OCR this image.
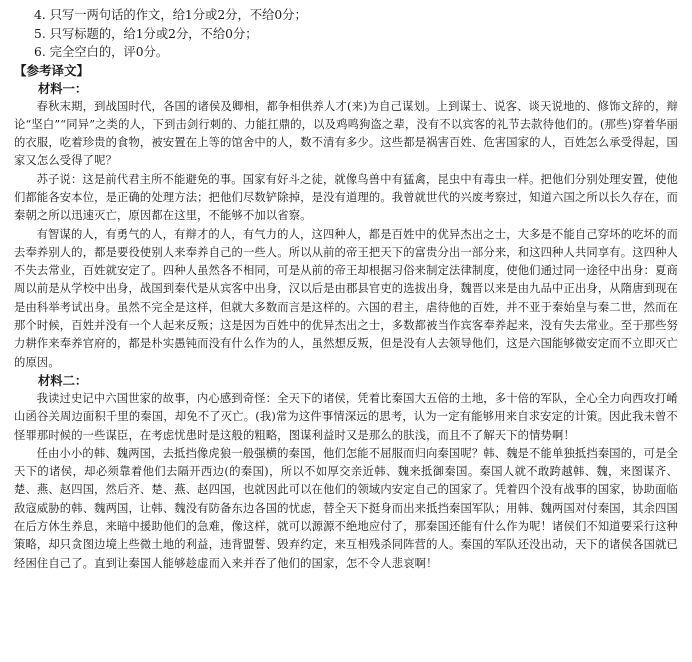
4. 只写一两句话的作文，给1分或2分，不给0分；

5. 只写标题的，给1分或2分，不给0分；

6. 完全空白的，评0分。

【参考译文】

材料一：

春秋末期，到战国时代，各国的诸侯及卿相，都争相供养人才(来)为自己谋划。上到谋士、说客、谈天说地的、修饰文辞的，辩论“坚白”“同异”之类的人，下到击剑行刺的、力能扛鼎的，以及鸡鸣狗盗之辈，没有不以宾客的礼节去款待他们的。(那些)穿着华丽的衣服，吃着珍贵的食物，被安置在上等的馆舍中的人，数不清有多少。这些都是祸害百姓、危害国家的人，百姓怎么承受得起，国家又怎么受得了呢？

苏子说：这是前代君主所不能避免的事。国家有好斗之徒，就像鸟兽中有猛禽，昆虫中有毒虫一样。把他们分别处理安置，使他们都能各安本位，是正确的处理方法；把他们尽数铲除掉，是没有道理的。我曾就世代的兴废考察过，知道六国之所以长久存在，而秦朝之所以迅速灭亡，原因都在这里，不能够不加以省察。

有智谋的人，有勇气的人，有辩才的人，有气力的人，这四种人，都是百姓中的优异杰出之士，大多是不能自己穿坏的吃坏的而去奉养别人的，都是要役使别人来奉养自己的一些人。所以从前的帝王把天下的富贵分出一部分来，和这四种人共同享有。这四种人不失去常业，百姓就安定了。四种人虽然各不相同，可是从前的帝王却根据习俗来制定法律制度，使他们通过同一途径中出身：夏商周以前是从学校中出身，战国到秦代是从宾客中出身，汉以后是由郡县官吏的选拔出身，魏晋以来是由九品中正出身，从隋唐到现在是由科举考试出身。虽然不完全是这样，但就大多数而言是这样的。六国的君主，虐待他的百姓，并不亚于秦始皇与秦二世，然而在那个时候，百姓并没有一个人起来反叛；这是因为百姓中的优异杰出之士，多数都被当作宾客奉养起来，没有失去常业。至于那些努力耕作来奉养官府的，都是朴实愚钝而没有什么作为的人，虽然想反叛，但是没有人去领导他们，这是六国能够微安定而不立即灭亡的原因。

材料二：

我读过史记中六国世家的故事，内心感到奇怪：全天下的诸侯，凭着比秦国大五倍的土地，多十倍的军队，全心全力向西攻打崤山函谷关周边面积千里的秦国，却免不了灭亡。(我)常为这件事情深远的思考，认为一定有能够用来自求安定的计策。因此我未曾不怪罪那时候的一些谋臣，在考虑忧患时是这般的粗略，图谋利益时又是那么的肤浅，而且不了解天下的情势啊！

任由小小的韩、魏两国，去抵挡像虎狼一般强横的秦国，他们怎能不屈服而归向秦国呢？韩、魏是不能单独抵挡秦国的，可是全天下的诸侯，却必须靠着他们去隔开西边(的秦国)，所以不如厚交亲近韩、魏来抵御秦国。秦国人就不敢跨越韩、魏，来图谋齐、楚、燕、赵四国，然后齐、楚、燕、赵四国，也就因此可以在他们的领域内安定自己的国家了。凭着四个没有战事的国家，协助面临敌寇威胁的韩、魏两国，让韩、魏没有防备东边各国的忧虑，替全天下挺身而出来抵挡秦国军队；用韩、魏两国对付秦国，其余四国在后方休生养息，来暗中援助他们的急难，像这样，就可以源源不绝地应付了，那秦国还能有什么作为呢！诸侯们不知道要采行这种策略，却只贪图边境上些微土地的利益，违背盟誓、毁弃约定，来互相残杀同阵营的人。秦国的军队还没出动，天下的诸侯各国就已经困住自己了。直到让秦国人能够趁虚而入来并吞了他们的国家，怎不令人悲哀啊！
